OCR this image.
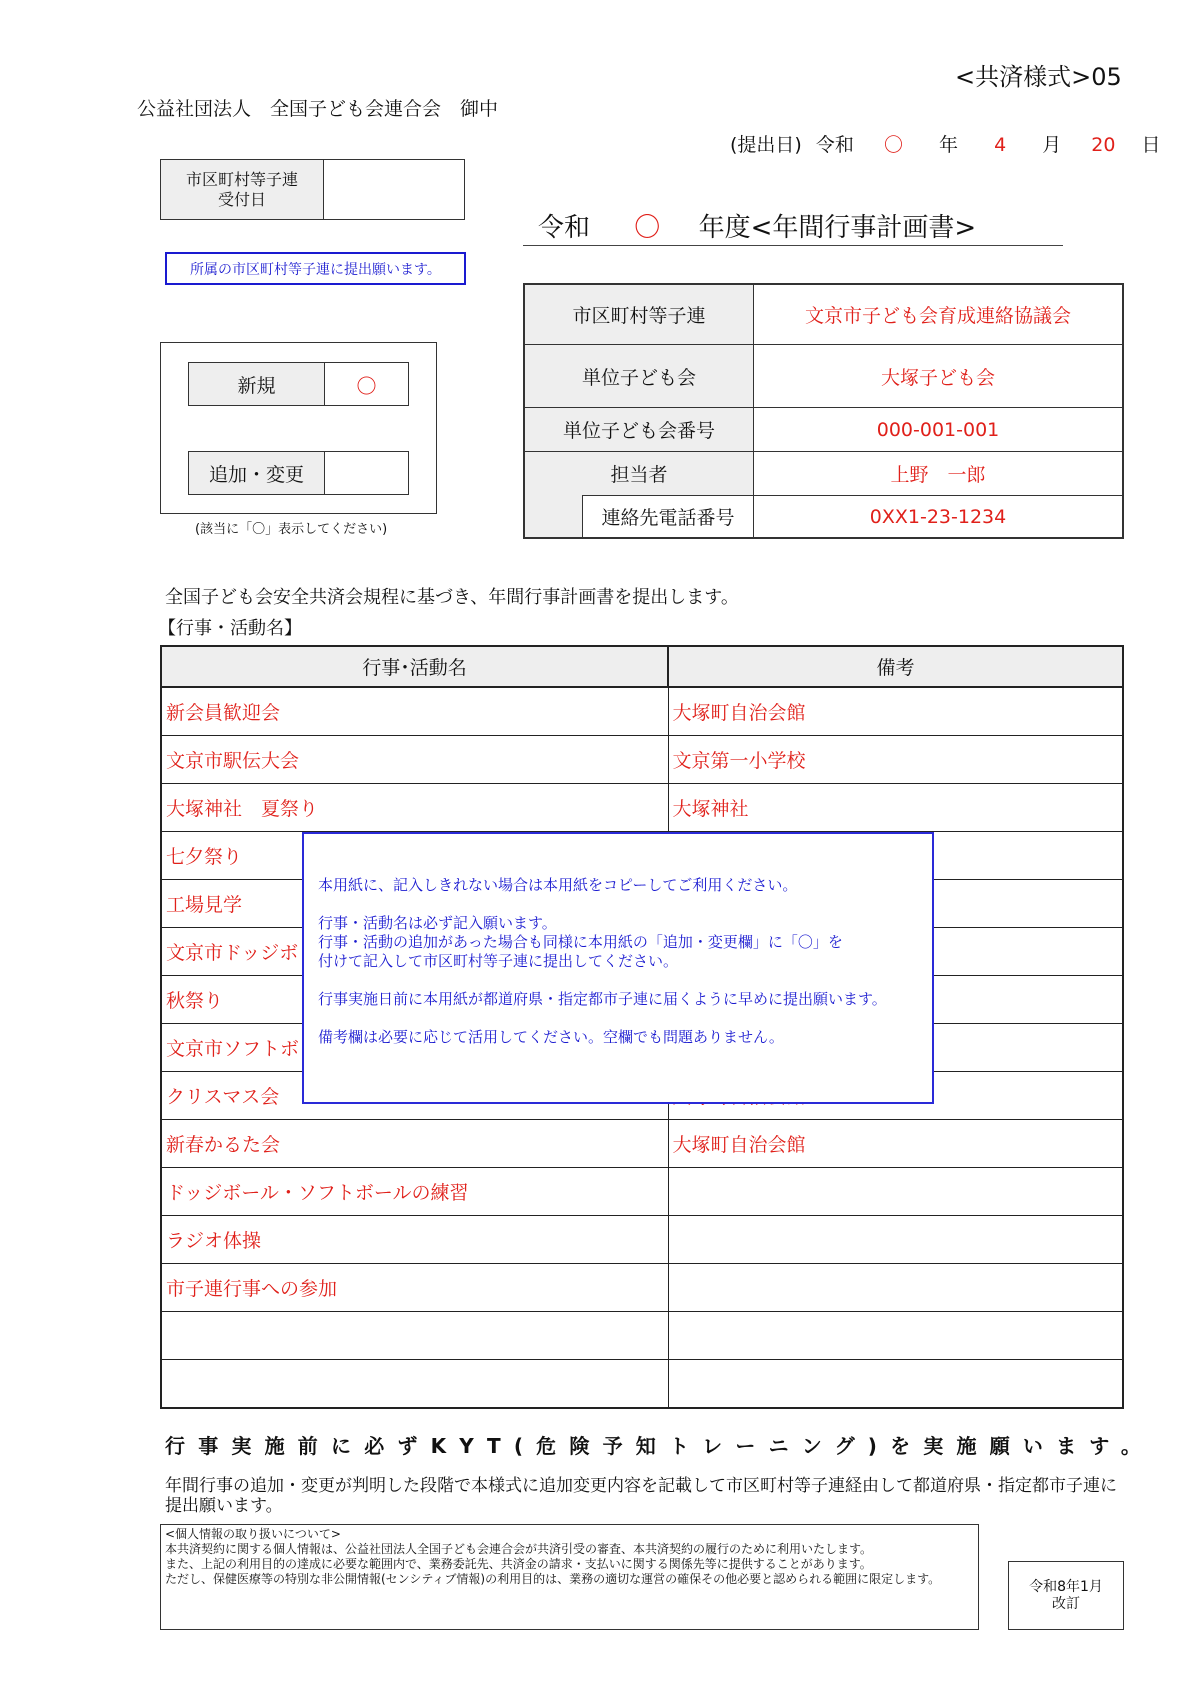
<共済様式>05
公益社団法人　全国子ども会連合会　御中
(提出日) 令和 〇 年 4 月 20 日
市区町村等子連
受付日
所属の市区町村等子連に提出願います。
令和 〇 年度<年間行事計画書>
新規	〇
追加・変更
(該当に「〇」表示してください)
市区町村等子連	文京市子ども会育成連絡協議会
単位子ども会	大塚子ども会
単位子ども会番号	000-001-001
担当者	上野　一郎
連絡先電話番号	0XX1-23-1234
全国子ども会安全共済会規程に基づき、年間行事計画書を提出します。
【行事・活動名】
行事･活動名	備考
新会員歓迎会	大塚町自治会館
文京市駅伝大会	文京第一小学校
大塚神社　夏祭り	大塚神社
七夕祭り	
工場見学	
文京市ドッジボ	
秋祭り	
文京市ソフトボ	
クリスマス会	
新春かるた会	大塚町自治会館
ドッジボール・ソフトボールの練習	
ラジオ体操	
市子連行事への参加	

本用紙に、記入しきれない場合は本用紙をコピーしてご利用ください。
行事・活動名は必ず記入願います。
行事・活動の追加があった場合も同様に本用紙の「追加・変更欄」に「〇」を
付けて記入して市区町村等子連に提出してください。
行事実施日前に本用紙が都道府県・指定都市子連に届くように早めに提出願います。
備考欄は必要に応じて活用してください。空欄でも問題ありません。
行事実施前に必ずKYT(危険予知トレーニング)を実施願います。
年間行事の追加・変更が判明した段階で本様式に追加変更内容を記載して市区町村等子連経由して都道府県・指定都市子連に提出願います。
<個人情報の取り扱いについて>
本共済契約に関する個人情報は、公益社団法人全国子ども会連合会が共済引受の審査、本共済契約の履行のために利用いたします。
また、上記の利用目的の達成に必要な範囲内で、業務委託先、共済金の請求・支払いに関する関係先等に提供することがあります。
ただし、保健医療等の特別な非公開情報(センシティブ情報)の利用目的は、業務の適切な運営の確保その他必要と認められる範囲に限定します。	令和8年1月
改訂
